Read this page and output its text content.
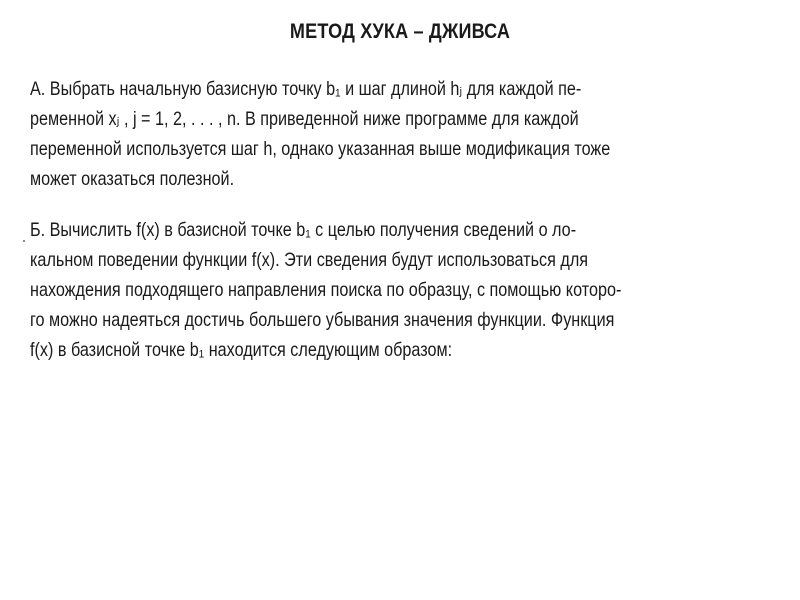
МЕТОД ХУКА – ДЖИВСА
А. Выбрать начальную базисную точку b₁ и шаг длиной hⱼ для каждой пе-
ременной xⱼ , j = 1, 2, . . . , n. В приведенной ниже программе для каждой
переменной используется шаг h, однако указанная выше модификация тоже
может оказаться полезной.
Б. Вычислить f(x) в базисной точке b₁ с целью получения сведений о ло-
кальном поведении функции f(x). Эти сведения будут использоваться для
нахождения подходящего направления поиска по образцу, с помощью которо-
го можно надеяться достичь большего убывания значения функции. Функция
f(x) в базисной точке b₁ находится следующим образом:
